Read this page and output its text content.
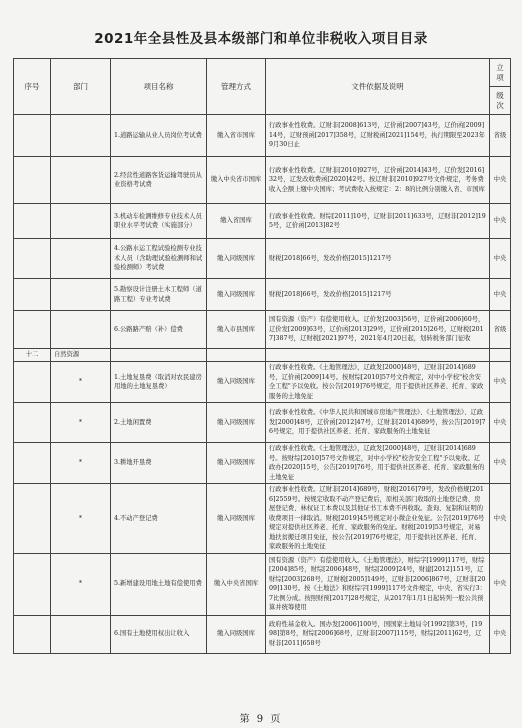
2021年全县性及县本级部门和单位非税收入项目目录
序号	部门	项目名称	管理方式	文件依据及说明	立项
					级次
		1.道路运输从业人员岗位考试费	缴入省市国库	行政事业性收费。辽财非[2008]613号，辽价函[2007]43号，辽价函[2009]14号，辽财预函[2017]358号，辽财税函[2021]154号，执行期限至2023年9月30日止	省级
		2.经营性道路客货运输驾驶员从业资格考试费	缴入中央省市国库	行政事业性收费。辽财非[2010]927号，辽价函[2014]43号，辽价发[2016]32号，辽发改收费函[2020]42号。按辽财非[2010]927号文件规定，考务费收入全额上缴中央国库；考试费收入按规定：2：8的比例分别缴入省、市国库	中央
		3.机动车检测维修专业技术人员职业水平考试费（实施部分）	缴入省国库	行政事业性收费。财综[2011]10号，辽财非[2011]633号，辽财非[2012]195号，辽价函[2013]82号	中央
		4.公路水运工程试验检测专业技术人员（含助理试验检测师和试验检测师）考试费	缴入同级国库	财税[2018]66号，发改价格[2015]1217号	中央
		5.勘察设计注册土木工程师（道路工程）专业考试费	缴入同级国库	财税[2018]66号，发改价格[2015]1217号	中央
		6.公路路产赔（补）偿费	缴入市县国库	国有资源（资产）有偿使用收入。辽价发[2003]56号，辽价函[2006]60号，辽价发[2009]63号，辽价函[2013]29号，辽价函[2015]26号，辽财税[2017]387号，辽财税[2021]97号，2021年4月20日起，划转税务部门征收	省级
十二	自然资源				
	*	1.土地复垦费（取消对农民建房用地的土地复垦费）	缴入同级国库	行政事业性收费。《土地管理法》，辽政发[2000]48号，辽财非[2014]689号，辽价函[2009]14号。按财综[2010]57号文件规定，对中小学校"校舍安全工程"予以免收。按公告[2019]76号规定，用于提供社区养老、托育、家政服务的土地免征	中央
	*	2.土地闲置费	缴入同级国库	行政事业性收费。《中华人民共和国城市房地产管理法》、《土地管理法》、辽政发[2000]48号，辽价函[2012]47号，辽财非[2014]689号，按公告[2019]76号规定，用于提供社区养老、托育、家政服务的土地免征	中央
	*	3.耕地开垦费	缴入同级国库	行政事业性收费。《土地管理法》，辽政发[2000]48号，辽财非[2014]689号。按财综[2010]57号文件规定，对中小学校"校舍安全工程"予以免收。辽政办[2020]15号，公告[2019]76号，用于提供社区养老、托育、家政服务的土地免征	中央
	*	4.不动产登记费	缴入同级国库	行政事业性收费。辽财非[2014]689号，财税[2016]79号，发改价格规[2016]2559号。按规定收取不动产登记费后，原相关部门收取的土地登记费、房屋登记费、林权证工本费以及其他证书工本费不再收取。查询、复制和证明的收费项目一律取消。财税[2019]45号规定对小微企业免征。公告[2019]76号规定对提供社区养老、托育、家政服务的免征。财税[2019]53号规定，对易地扶贫搬迁项目免征，按公告[2019]76号规定，用于提供社区养老、托育、家政服务的土地免征	中央
	*	5.新增建设用地土地有偿使用费	缴入中央省国库	国有资源（资产）有偿使用收入。《土地管理法》，财综字[1999]117号，财综[2004]85号，财综[2006]48号，财综[2009]24号，财建[2012]151号，辽财综[2003]268号，辽财税[2005]149号，辽财非[2006]867号，辽财非[2009]130号。按《土地法》和财综字[1999]117号文件规定，中央、省实行3：7比例分成。按照财预[2017]28号规定，从2017年1月1日起转列一般公共预算并统筹使用	中央
		6.国有土地使用权出让收入	缴入同级国库	政府性基金收入。国办发[2006]100号，国国家土地局令[1992]第3号，[1998]第8号，财综[2006]68号，辽财非[2007]115号，财综[2011]62号，辽财非[2011]658号	中央
第 9 页
